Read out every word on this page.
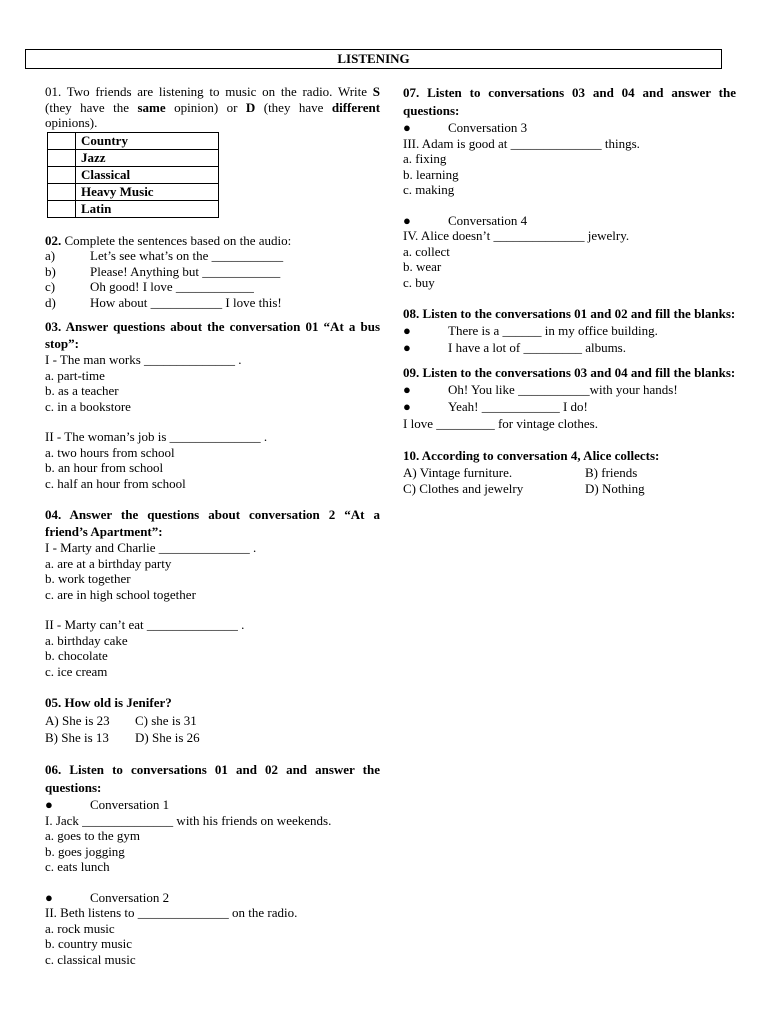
LISTENING

01. Two friends are listening to music on the radio. Write S (they have the same opinion) or D (they have different opinions).

	Country
	Jazz
	Classical
	Heavy Music
	Latin

02. Complete the sentences based on the audio:

a)	Let’s see what’s on the ___________
b)	Please! Anything but ____________
c)	Oh good! I love ____________
d)	How about ___________ I love this!

03. Answer questions about the conversation 01 “At a bus stop”:

I - The man works ______________ .

a. part-time

b. as a teacher

c. in a bookstore

II - The woman’s job is ______________ .

a. two hours from school

b. an hour from school

c. half an hour from school

04. Answer the questions about conversation 2 “At a friend’s Apartment”:

I - Marty and Charlie ______________ .

a. are at a birthday party

b. work together

c. are in high school together

II - Marty can’t eat ______________ .

a. birthday cake

b. chocolate

c. ice cream

05. How old is Jenifer?

A) She is 23	C) she is 31
B) She is 13	D) She is 26

06. Listen to conversations 01 and 02 and answer the questions:

●	Conversation 1

I. Jack ______________ with his friends on weekends.

a. goes to the gym

b. goes jogging

c. eats lunch

●	Conversation 2

II. Beth listens to ______________ on the radio.

a. rock music

b. country music

c. classical music

07. Listen to conversations 03 and 04 and answer the questions:

●	Conversation 3

III. Adam is good at ______________ things.

a. fixing

b. learning

c. making

●	Conversation 4

IV. Alice doesn’t ______________ jewelry.

a. collect

b. wear

c. buy

08. Listen to the conversations 01 and 02 and fill the blanks:

●	There is a ______ in my office building.
●	I have a lot of _________ albums.

09. Listen to the conversations 03 and 04 and fill the blanks:

●	Oh! You like ___________with your hands!
●	Yeah! ____________ I do!

I love _________ for vintage clothes.

10. According to conversation 4, Alice collects:

A) Vintage furniture.	B) friends
C) Clothes and jewelry	D) Nothing
